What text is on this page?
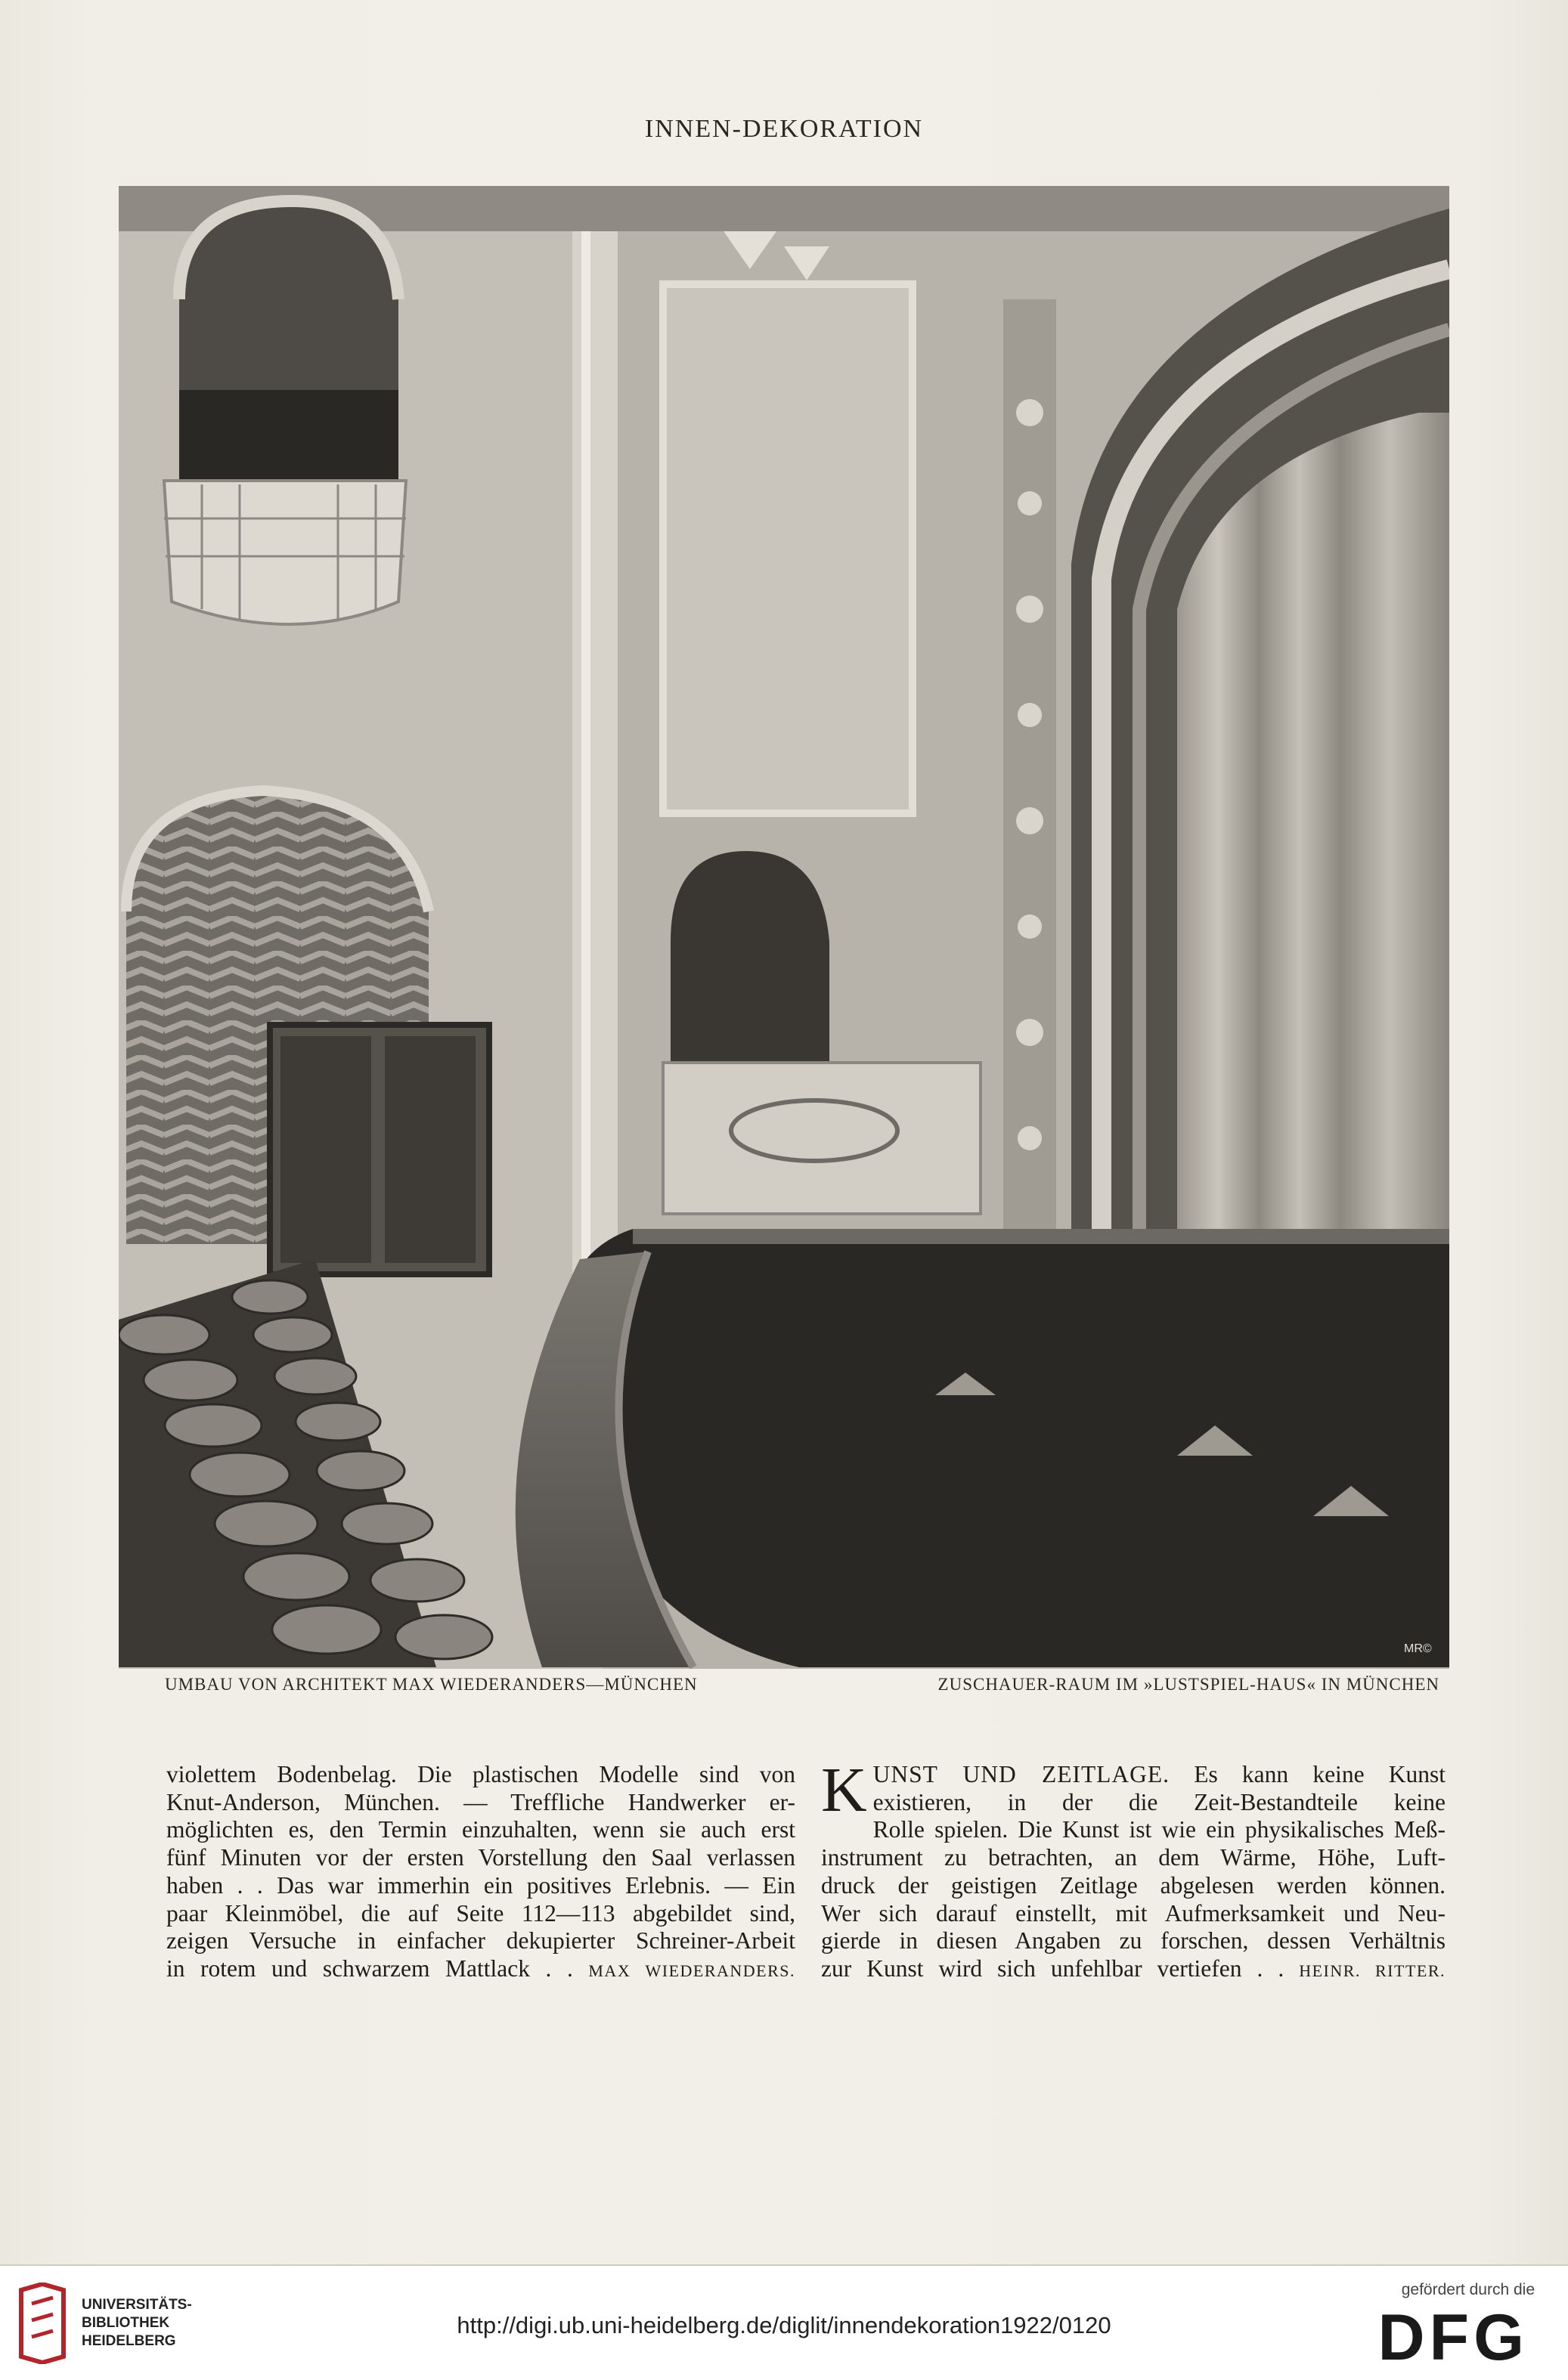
INNEN-DEKORATION
MR©
UMBAU VON ARCHITEKT MAX WIEDERANDERS—MÜNCHEN	ZUSCHAUER-RAUM IM »LUSTSPIEL-HAUS« IN MÜNCHEN
violettem Bodenbelag. Die plastischen Modelle sind von
Knut-Anderson, München. — Treffliche Handwerker er-
möglichten es, den Termin einzuhalten, wenn sie auch erst
fünf Minuten vor der ersten Vorstellung den Saal verlassen
haben . . Das war immerhin ein positives Erlebnis. — Ein
paar Kleinmöbel, die auf Seite 112—113 abgebildet sind,
zeigen Versuche in einfacher dekupierter Schreiner-Arbeit
in rotem und schwarzem Mattlack . . MAX WIEDERANDERS.
K UNST UND ZEITLAGE. Es kann keine Kunst
existieren, in der die Zeit-Bestandteile keine
Rolle spielen. Die Kunst ist wie ein physikalisches Meß-
instrument zu betrachten, an dem Wärme, Höhe, Luft-
druck der geistigen Zeitlage abgelesen werden können.
Wer sich darauf einstellt, mit Aufmerksamkeit und Neu-
gierde in diesen Angaben zu forschen, dessen Verhältnis
zur Kunst wird sich unfehlbar vertiefen . . HEINR. RITTER.
UNIVERSITÄTS-
BIBLIOTHEK
HEIDELBERG
http://digi.ub.uni-heidelberg.de/diglit/innendekoration1922/0120
gefördert durch die
DFG
